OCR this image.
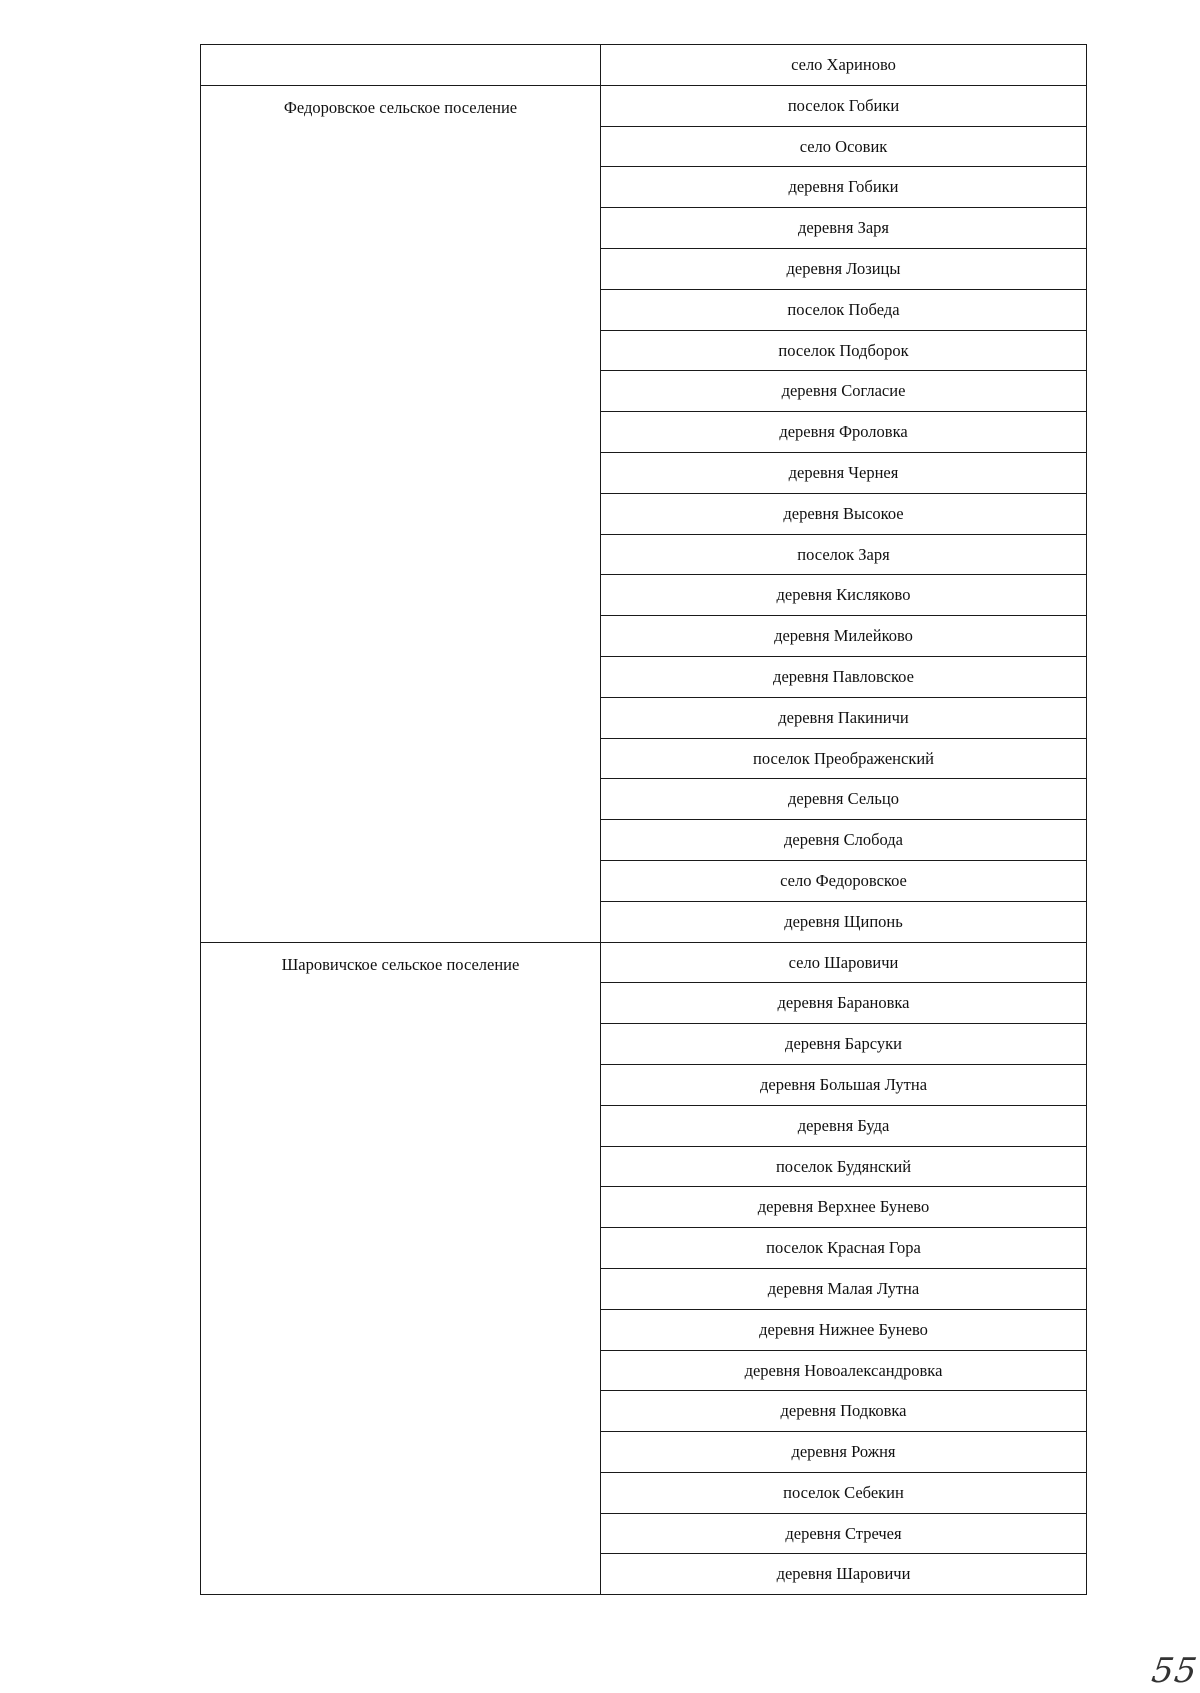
	село Хариново
Федоровское сельское поселение	поселок Гобики
	село Осовик
	деревня Гобики
	деревня Заря
	деревня Лозицы
	поселок Победа
	поселок Подборок
	деревня Согласие
	деревня Фроловка
	деревня Чернея
	деревня Высокое
	поселок Заря
	деревня Кисляково
	деревня Милейково
	деревня Павловское
	деревня Пакиничи
	поселок Преображенский
	деревня Сельцо
	деревня Слобода
	село Федоровское
	деревня Щипонь
Шаровичское сельское поселение	село Шаровичи
	деревня Барановка
	деревня Барсуки
	деревня Большая Лутна
	деревня Буда
	поселок Будянский
	деревня Верхнее Бунево
	поселок Красная Гора
	деревня Малая Лутна
	деревня Нижнее Бунево
	деревня Новоалександровка
	деревня Подковка
	деревня Рожня
	поселок Себекин
	деревня Стречея
	деревня Шаровичи
55
